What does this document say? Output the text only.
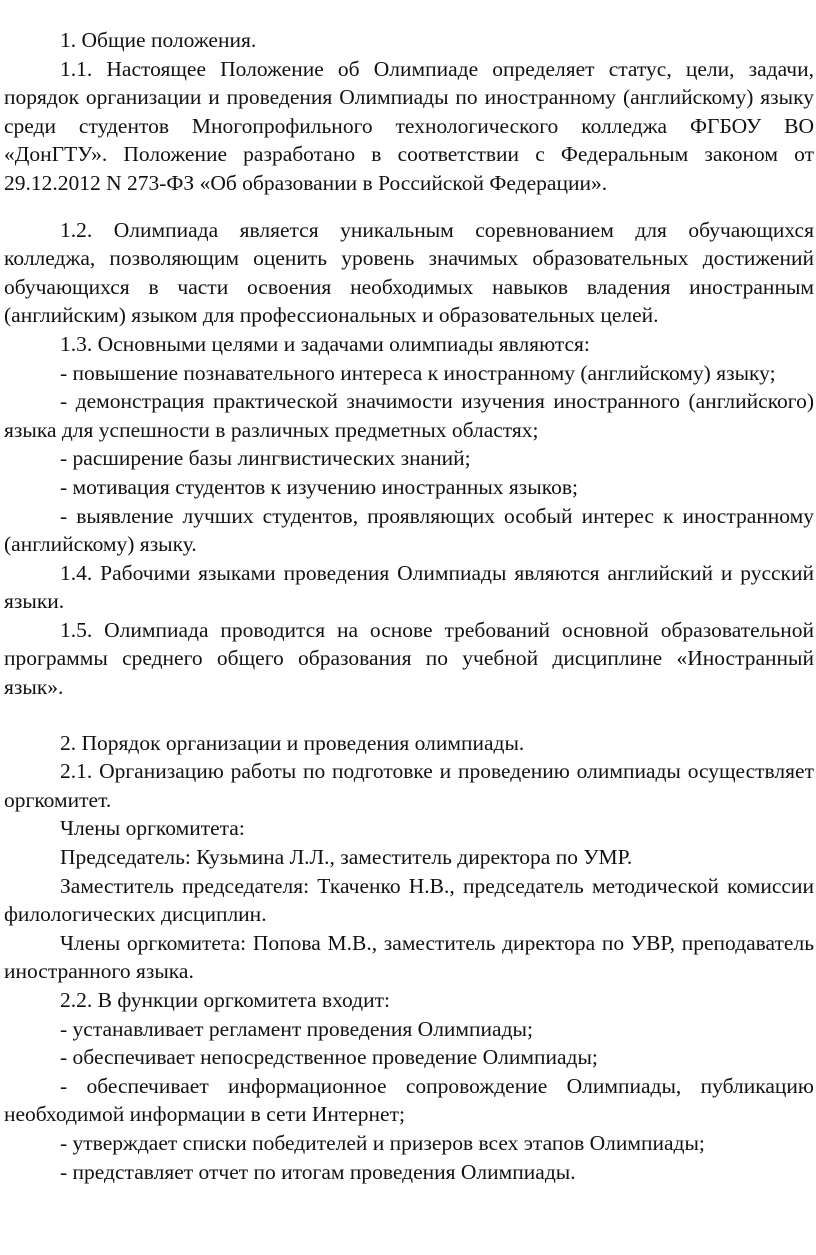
1. Общие положения.

1.1. Настоящее Положение об Олимпиаде определяет статус, цели, задачи, порядок организации и проведения Олимпиады по иностранному (английскому) языку среди студентов Многопрофильного технологического колледжа ФГБОУ ВО «ДонГТУ». Положение разработано в соответствии с Федеральным законом от 29.12.2012 N 273-ФЗ «Об образовании в Российской Федерации».

1.2. Олимпиада является уникальным соревнованием для обучающихся колледжа, позволяющим оценить уровень значимых образовательных достижений обучающихся в части освоения необходимых навыков владения иностранным (английским) языком для профессиональных и образовательных целей.

1.3. Основными целями и задачами олимпиады являются:

- повышение познавательного интереса к иностранному (английскому) языку;

- демонстрация практической значимости изучения иностранного (английского) языка для успешности в различных предметных областях;

- расширение базы лингвистических знаний;

- мотивация студентов к изучению иностранных языков;

- выявление лучших студентов, проявляющих особый интерес к иностранному (английскому) языку.

1.4. Рабочими языками проведения Олимпиады являются английский и русский языки.

1.5. Олимпиада проводится на основе требований основной образовательной программы среднего общего образования по учебной дисциплине «Иностранный язык».

2. Порядок организации и проведения олимпиады.

2.1. Организацию работы по подготовке и проведению олимпиады осуществляет оргкомитет.

Члены оргкомитета:

Председатель: Кузьмина Л.Л., заместитель директора по УМР.

Заместитель председателя: Ткаченко Н.В., председатель методической комиссии филологических дисциплин.

Члены оргкомитета: Попова М.В., заместитель директора по УВР, преподаватель иностранного языка.

2.2. В функции оргкомитета входит:

- устанавливает регламент проведения Олимпиады;

- обеспечивает непосредственное проведение Олимпиады;

- обеспечивает информационное сопровождение Олимпиады, публикацию необходимой информации в сети Интернет;

- утверждает списки победителей и призеров всех этапов Олимпиады;

- представляет отчет по итогам проведения Олимпиады.
